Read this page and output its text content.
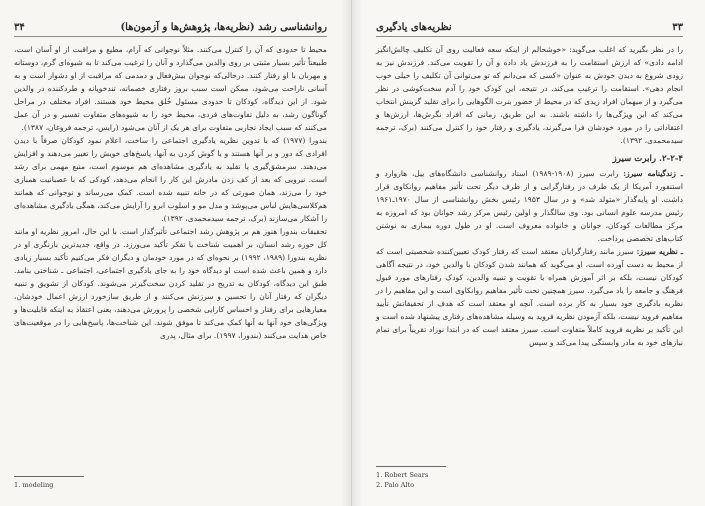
۳۴	روانشناسی رشد (نظریه‌ها، پژوهش‌ها و آزمون‌ها)

محیط تا حدودی که آن را کنترل می‌کنند. مثلاً نوجوانی که آرام، مطیع و مراقبت از او آسان است، طبیعتاً تأثیر بسیار مثبتی بر روی والدین می‌گذارد و آنان را ترغیب می‌کند تا به شیوه‌ای گرم، دوستانه و مهربان با او رفتار کنند. درحالی‌که نوجوان بیش‌فعال و دمدمی که مراقبت از او دشوار است و به آسانی ناراحت می‌شود، ممکن است سبب بروز رفتاری خصمانه، تندخویانه و طردکننده در والدین شود. از این دیدگاه، کودکان تا حدودی مسئول خُلق محیط خود هستند. افراد مختلف در مراحل گوناگون رشد، به دلیل تفاوت‌های فردی، محیط خود را به شیوه‌های متفاوت تفسیر و در آن عمل می‌کنند که سبب ایجاد تجاربی متفاوت برای هر یک از آنان می‌شود (رایس، ترجمه فروغان، ۱۳۸۷).

بندورا (۱۹۷۷) که با تدوین نظریه یادگیری اجتماعی را ساخت، اعلام نمود کودکان صرفاً با دیدن افرادی که دور و بر آنها هستند و با گوش کردن به آنها، پاسخ‌های خویش را تغییر می‌دهند و افزایش می‌دهند. سرمشق‌گیری یا تقلید به یادگیری مشاهده‌ای هم موسوم است، منبع مهمی برای رشد است. نیرویی که بعد از کف زدن مادرش این کار را انجام می‌دهد، کودکی که با عصبانیت همبازی خود را می‌زند، همان صورتی که در خانه تنبیه شده است. کمک می‌رساند و نوجوانی که همانند هم‌کلاسی‌هایش لباس می‌پوشد و مدل مو و اسلوب ابرو را آرایش می‌کند، همگی یادگیری مشاهده‌ای را آشکار می‌سازند (برک، ترجمه سیدمحمدی، ۱۳۹۲).

تحقیقات بندورا هنوز هم بر پژوهش رشد اجتماعی تأثیرگذار است. با این حال، امروز نظریه او مانند کل حوزه رشد انسان، بر اهمیت شناخت یا تفکر تأکید می‌ورزد. در واقع، جدیدترین بازنگری او در نظریه بندورا (۱۹۸۹، ۱۹۹۲) بر نحوه‌ای که در مورد خودمان و دیگران فکر می‌کنیم تأکید بسیار زیادی دارد و همین باعث شده است او دیدگاه خود را به جای یادگیری اجتماعی، اجتماعی ـ شناختی بنامد. طبق این دیدگاه، کودکان به تدریج در تقلید کردن سخت‌گیرتر می‌شوند. کودکان از تشویق و تنبیه دیگران که رفتار آنان را تحسین و سرزنش می‌کنند و از طریق سازخورد ارزش اعمال خودشان، معیارهایی برای رفتار و احساس کارایی شخصی را پرورش می‌دهند، یعنی اعتقاد به اینکه قابلیت‌ها و ویژگی‌های خود آنها به آنها کمک می‌کند تا موفق شوند. این شناخت‌ها، پاسخ‌هایی را در موقعیت‌های خاص هدایت می‌کنند (بندورا، ۱۹۹۷). برای مثال، پدری

1. modeling
۳۳
نظریه‌های یادگیری

را در نظر بگیرید که اغلب می‌گوید: «خوشحالم از اینکه سعه فعالیت روی آن تکلیف چالش‌انگیز ادامه دادی» که ارزش استقامت را به فرزندش یاد داده و آن را تقویت می‌کند. فرزندش نیز به زودی شروع به دیدن خودش به عنوان «کسی که می‌دانم که تو می‌توانی آن تکلیف را خیلی خوب انجام دهی». استقامت را ترغیب می‌کند. در نتیجه، این کودک خود را آدم سخت‌کوشی در نظر می‌گیرد و از میهمان افراد زیدی که در محیط از حضور بنرت الگوهایی را برای تقلید گزینش انتخاب می‌کند که این ویژگی‌ها را داشته باشند. به این طریق، زمانی که افراد نگرش‌ها، ارزش‌ها و اعتقاداتی را در مورد خودشان فرا می‌گیرند، یادگیری و رفتار خود را کنترل می‌کنند (برک، ترجمه سیدمحمدی، ۱۳۹۲).

۲-۲-۴. رابرت سیرز

ـ زندگینامه سیرز: رابرت سیرز (۱۹۰۸-۱۹۸۹) استاد روانشناسی دانشگاه‌های ییل، هاروارد و استنفورد آمریکا از یک طرف در رفتارگرایی و از طرف دیگر تحت تأثیر مفاهیم روانکاوی قرار داشت. او پایه‌گذار «متولد شد» و در سال ۱۹۵۳ رئیس بخش روانشناسی از سال ۱۹۷۰ـ۱۹۶۱ رئیس مدرسه علوم انسانی بود. وی سالگذار و اولین رئیس مرکز رشد جوانان بود که امروزه به مرکز مطالعات کودکان، جوانان و خانواده معروف است. او در طول دوره بیماری به نوشتن کتاب‌های تخصصی پرداخت.

ـ نظریه سیرز: سیرز مانند رفتارگرایان معتقد است که رفتار کودک تعیین‌کننده شخصیتی است که از محیط به دست آورده است، او می‌گوید که همانند شدن کودکان با والدین خود، در نتیجه آگاهی کودکان نیست، بلکه بر اثر آموزش همراه با تقویت و تنبیه والدین، کودک رفتارهای مورد قبول فرهنگ و جامعه را یاد می‌گیرد. سیرز همچنین تحت تأثیر مفاهیم روانکاوی است و این مفاهیم را در نظریه یادگیری خود بسیار به کار برده است. آنچه او معتقد است که هدف از تحقیقاتش تأیید مفاهیم فروید نیست، بلکه آزمودن نظریه فروید به وسیله مشاهده‌های رفتاری پیشنهاد شده است و این تأکید بر نظریه فروید کاملاً متفاوت است. سیرز معتقد است که در ابتدا نوزاد تقریباً برای تمام نیازهای خود به مادر وابستگی پیدا می‌کند و سپس

1. Robert Sears
2. Palo Alto
